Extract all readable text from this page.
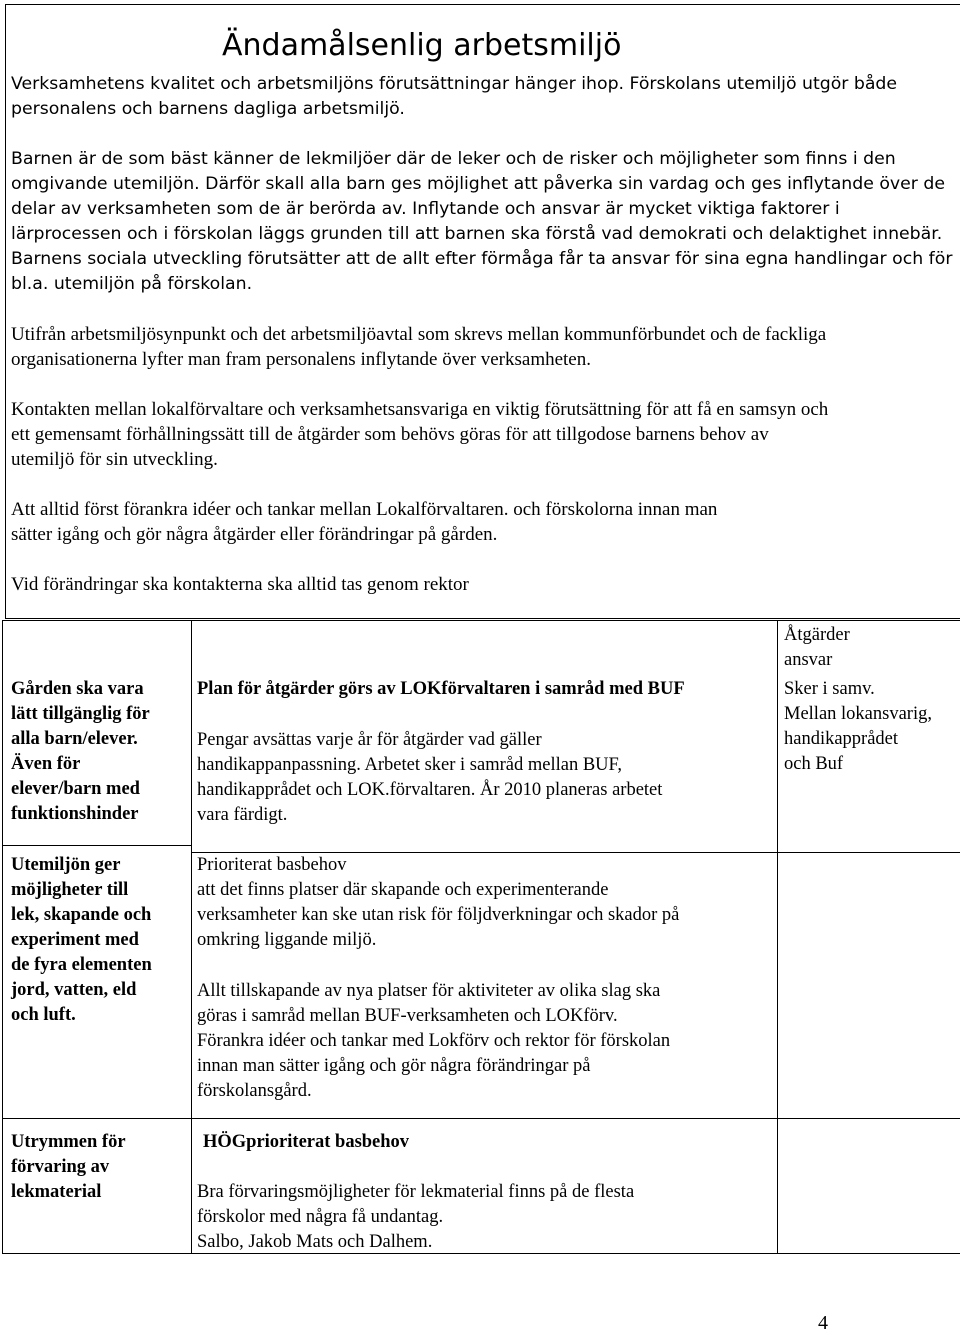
Ändamålsenlig arbetsmiljö
Verksamhetens kvalitet och arbetsmiljöns förutsättningar hänger ihop. Förskolans utemiljö utgör både
personalens och barnens dagliga arbetsmiljö.
Barnen är de som bäst känner de lekmiljöer där de leker och de risker och möjligheter som finns i den
omgivande utemiljön. Därför skall alla barn ges möjlighet att påverka sin vardag och ges inflytande över de
delar av verksamheten som de är berörda av. Inflytande och ansvar är mycket viktiga faktorer i
lärprocessen och i förskolan läggs grunden till att barnen ska förstå vad demokrati och delaktighet innebär.
Barnens sociala utveckling förutsätter att de allt efter förmåga får ta ansvar för sina egna handlingar och för
bl.a. utemiljön på förskolan.
Utifrån arbetsmiljösynpunkt och det arbetsmiljöavtal som skrevs mellan kommunförbundet och de fackliga
organisationerna lyfter man fram personalens inflytande över verksamheten.
Kontakten mellan lokalförvaltare och verksamhetsansvariga en viktig förutsättning för att få en samsyn och
ett gemensamt förhållningssätt till de åtgärder som behövs göras för att tillgodose barnens behov av
utemiljö för sin utveckling.
Att alltid först förankra idéer och tankar mellan Lokalförvaltaren. och förskolorna innan man
sätter igång och gör några åtgärder eller förändringar på gården.
Vid förändringar ska kontakterna ska alltid tas genom rektor
Åtgärder
ansvar
Gården ska vara
lätt tillgänglig för
alla barn/elever.
Även för
elever/barn med
funktionshinder
Plan för åtgärder görs av LOKförvaltaren i samråd med BUF
Pengar avsättas varje år för åtgärder vad gäller
handikappanpassning. Arbetet sker i samråd mellan BUF,
handikapprådet och LOK.förvaltaren. År 2010 planeras arbetet
vara färdigt.
Sker i samv.
Mellan lokansvarig,
handikapprådet
och Buf
Utemiljön ger
möjligheter till
lek, skapande och
experiment med
de fyra elementen
jord, vatten, eld
och luft.
Prioriterat basbehov
att det finns platser där skapande och experimenterande
verksamheter kan ske utan risk för följdverkningar och skador på
omkring liggande miljö.
Allt tillskapande av nya platser för aktiviteter av olika slag ska
göras i samråd mellan BUF-verksamheten och LOKförv.
Förankra idéer och tankar med Lokförv och rektor för förskolan
innan man sätter igång och gör några förändringar på
förskolansgård.
Utrymmen för
förvaring av
lekmaterial
HÖGprioriterat basbehov
Bra förvaringsmöjligheter för lekmaterial finns på de flesta
förskolor med några få undantag.
Salbo, Jakob Mats och Dalhem.
4
